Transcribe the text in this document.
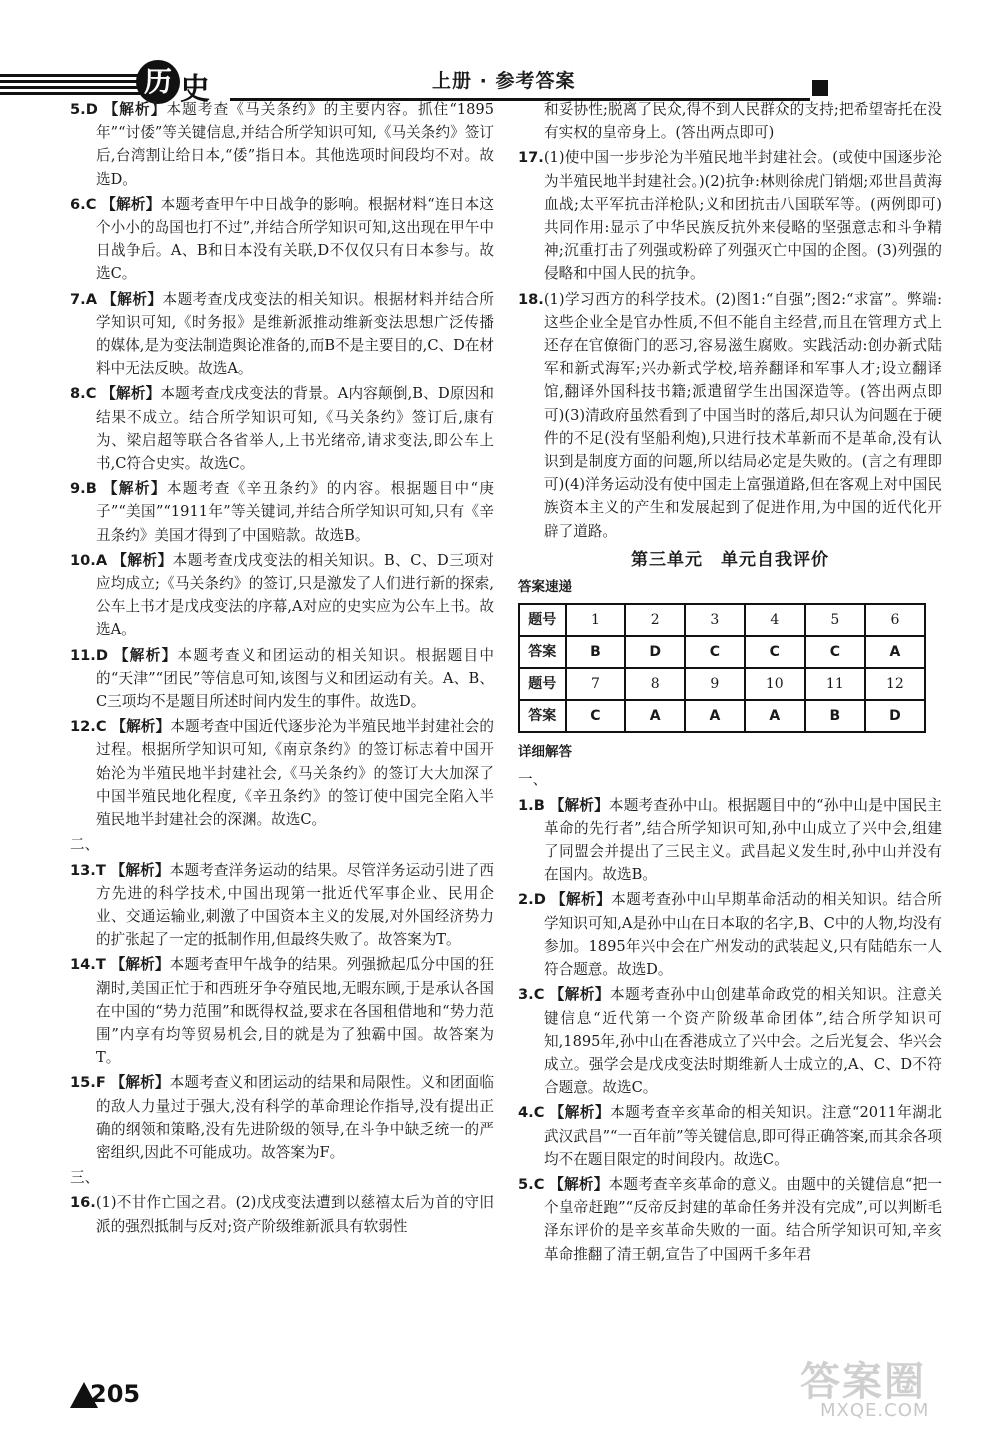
历 史	上册 · 参考答案
5.D 【解析】本题考查《马关条约》的主要内容。抓住“1895年”“讨倭”等关键信息,并结合所学知识可知,《马关条约》签订后,台湾割让给日本,“倭”指日本。其他选项时间段均不对。故选D。
6.C 【解析】本题考查甲午中日战争的影响。根据材料“连日本这个小小的岛国也打不过”,并结合所学知识可知,这出现在甲午中日战争后。A、B和日本没有关联,D不仅仅只有日本参与。故选C。
7.A 【解析】本题考查戊戌变法的相关知识。根据材料并结合所学知识可知,《时务报》是维新派推动维新变法思想广泛传播的媒体,是为变法制造舆论准备的,而B不是主要目的,C、D在材料中无法反映。故选A。
8.C 【解析】本题考查戊戌变法的背景。A内容颠倒,B、D原因和结果不成立。结合所学知识可知,《马关条约》签订后,康有为、梁启超等联合各省举人,上书光绪帝,请求变法,即公车上书,C符合史实。故选C。
9.B 【解析】本题考查《辛丑条约》的内容。根据题目中“庚子”“美国”“1911年”等关键词,并结合所学知识可知,只有《辛丑条约》美国才得到了中国赔款。故选B。
10.A 【解析】本题考查戊戌变法的相关知识。B、C、D三项对应均成立;《马关条约》的签订,只是激发了人们进行新的探索,公车上书才是戊戌变法的序幕,A对应的史实应为公车上书。故选A。
11.D 【解析】本题考查义和团运动的相关知识。根据题目中的“天津”“团民”等信息可知,该图与义和团运动有关。A、B、C三项均不是题目所述时间内发生的事件。故选D。
12.C 【解析】本题考查中国近代逐步沦为半殖民地半封建社会的过程。根据所学知识可知,《南京条约》的签订标志着中国开始沦为半殖民地半封建社会,《马关条约》的签订大大加深了中国半殖民地化程度,《辛丑条约》的签订使中国完全陷入半殖民地半封建社会的深渊。故选C。
二、
13.T 【解析】本题考查洋务运动的结果。尽管洋务运动引进了西方先进的科学技术,中国出现第一批近代军事企业、民用企业、交通运输业,刺激了中国资本主义的发展,对外国经济势力的扩张起了一定的抵制作用,但最终失败了。故答案为T。
14.T 【解析】本题考查甲午战争的结果。列强掀起瓜分中国的狂潮时,美国正忙于和西班牙争夺殖民地,无暇东顾,于是承认各国在中国的“势力范围”和既得权益,要求在各国租借地和“势力范围”内享有均等贸易机会,目的就是为了独霸中国。故答案为T。
15.F 【解析】本题考查义和团运动的结果和局限性。义和团面临的敌人力量过于强大,没有科学的革命理论作指导,没有提出正确的纲领和策略,没有先进阶级的领导,在斗争中缺乏统一的严密组织,因此不可能成功。故答案为F。
三、
16.(1)不甘作亡国之君。(2)戊戌变法遭到以慈禧太后为首的守旧派的强烈抵制与反对;资产阶级维新派具有软弱性
和妥协性;脱离了民众,得不到人民群众的支持;把希望寄托在没有实权的皇帝身上。(答出两点即可)
17.(1)使中国一步步沦为半殖民地半封建社会。(或使中国逐步沦为半殖民地半封建社会。)(2)抗争:林则徐虎门销烟;邓世昌黄海血战;太平军抗击洋枪队;义和团抗击八国联军等。(两例即可)共同作用:显示了中华民族反抗外来侵略的坚强意志和斗争精神;沉重打击了列强或粉碎了列强灭亡中国的企图。(3)列强的侵略和中国人民的抗争。
18.(1)学习西方的科学技术。(2)图1:“自强”;图2:“求富”。弊端:这些企业全是官办性质,不但不能自主经营,而且在管理方式上还存在官僚衙门的恶习,容易滋生腐败。实践活动:创办新式陆军和新式海军;兴办新式学校,培养翻译和军事人才;设立翻译馆,翻译外国科技书籍;派遣留学生出国深造等。(答出两点即可)(3)清政府虽然看到了中国当时的落后,却只认为问题在于硬件的不足(没有坚船利炮),只进行技术革新而不是革命,没有认识到是制度方面的问题,所以结局必定是失败的。(言之有理即可)(4)洋务运动没有使中国走上富强道路,但在客观上对中国民族资本主义的产生和发展起到了促进作用,为中国的近代化开辟了道路。
第三单元　单元自我评价
答案速递
题号	1	2	3	4	5	6
答案	B	D	C	C	C	A
题号	7	8	9	10	11	12
答案	C	A	A	A	B	D
详细解答
一、
1.B 【解析】本题考查孙中山。根据题目中的“孙中山是中国民主革命的先行者”,结合所学知识可知,孙中山成立了兴中会,组建了同盟会并提出了三民主义。武昌起义发生时,孙中山并没有在国内。故选B。
2.D 【解析】本题考查孙中山早期革命活动的相关知识。结合所学知识可知,A是孙中山在日本取的名字,B、C中的人物,均没有参加。1895年兴中会在广州发动的武装起义,只有陆皓东一人符合题意。故选D。
3.C 【解析】本题考查孙中山创建革命政党的相关知识。注意关键信息“近代第一个资产阶级革命团体”,结合所学知识可知,1895年,孙中山在香港成立了兴中会。之后光复会、华兴会成立。强学会是戊戌变法时期维新人士成立的,A、C、D不符合题意。故选C。
4.C 【解析】本题考查辛亥革命的相关知识。注意“2011年湖北武汉武昌”“一百年前”等关键信息,即可得正确答案,而其余各项均不在题目限定的时间段内。故选C。
5.C 【解析】本题考查辛亥革命的意义。由题中的关键信息“把一个皇帝赶跑”“反帝反封建的革命任务并没有完成”,可以判断毛泽东评价的是辛亥革命失败的一面。结合所学知识可知,辛亥革命推翻了清王朝,宣告了中国两千多年君
205	答案圈
MXQE.COM
